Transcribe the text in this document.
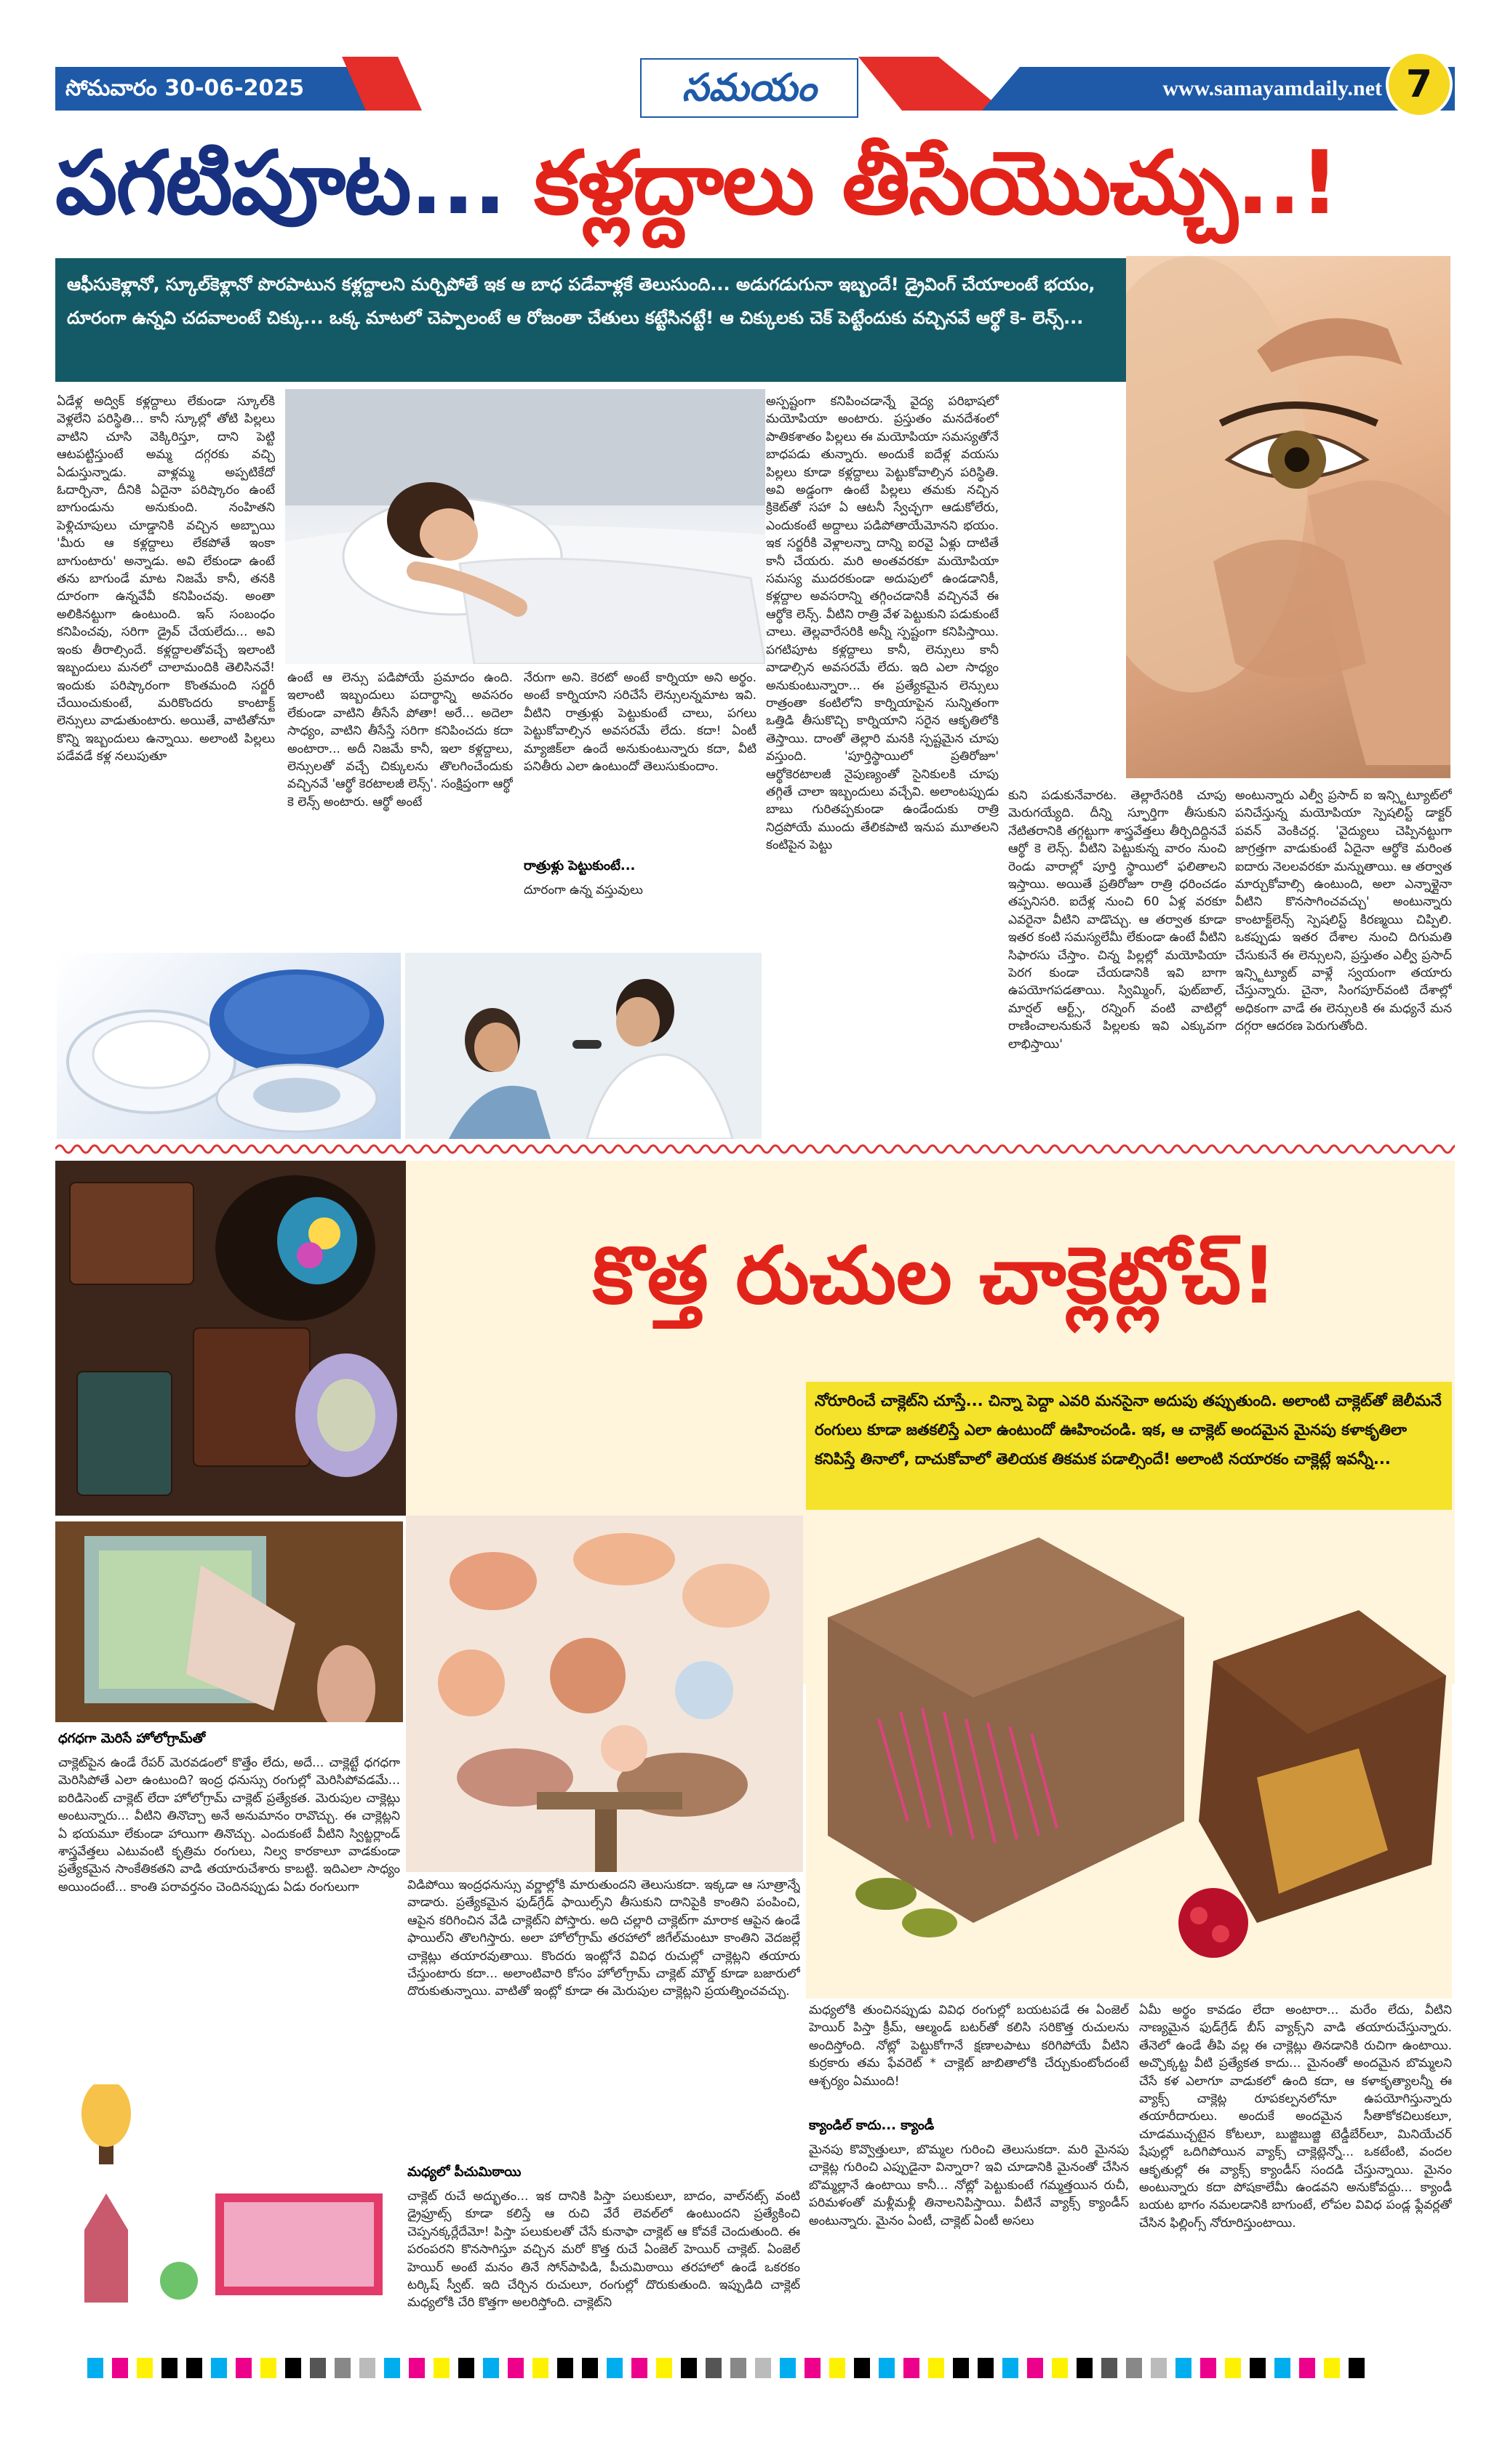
సోమవారం 30-06-2025	సమయం	www.samayamdaily.net 7
పగటిపూట... కళ్లద్దాలు తీసేయొచ్చు..!
ఆఫీసుకెళ్లానో, స్కూల్‌కెళ్లానో పొరపాటున కళ్లద్దాలని మర్చిపోతే ఇక ఆ బాధ పడేవాళ్లకే తెలుసుంది... అడుగడుగునా ఇబ్బందే! డ్రైవింగ్ చేయాలంటే భయం, దూరంగా ఉన్నవి చదవాలంటే చిక్కు... ఒక్క మాటలో చెప్పాలంటే ఆ రోజంతా చేతులు కట్టేసినట్టే! ఆ చిక్కులకు చెక్ పెట్టేందుకు వచ్చినవే ఆర్థో కె- లెన్స్...
ఏడేళ్ల అద్విక్ కళ్లద్దాలు లేకుండా స్కూల్‌కి వెళ్లలేని పరిస్థితి... కానీ స్కూల్లో తోటి పిల్లలు వాటిని చూసి వెక్కిరిస్తూ, దాని పెట్టి ఆటపట్టిస్తుంటే అమ్మ దగ్గరకు వచ్చి ఏడుస్తున్నాడు. వాళ్లమ్మ అప్పటికేదో ఓదార్చినా, దీనికి ఏదైనా పరిష్కారం ఉంటే బాగుండును అనుకుంది. నంహితని పెళ్లిచూపులు చూడ్డానికి వచ్చిన అబ్బాయి 'మీరు ఆ కళ్లద్దాలు లేకపోతే ఇంకా బాగుంటారు' అన్నాడు. అవి లేకుండా ఉంటే తను బాగుండే మాట నిజమే కానీ, తనకి దూరంగా ఉన్నవేవీ కనిపించవు. అంతా అలికినట్టుగా ఉంటుంది. ఇస్ సంబంధం కనిపించవు, సరిగా డ్రైవ్ చేయలేదు... అవి ఇంకు తీరాల్సిందే. కళ్లద్దాలతోవచ్చే ఇలాంటి ఇబ్బందులు మనలో చాలామందికి తెలిసినవే! ఇందుకు పరిష్కారంగా కొంతమంది సర్జరీ చేయించుకుంటే, మరికొందరు కాంటాక్ట్ లెన్సులు వాడుతుంటారు. అయితే, వాటితోనూ కొన్ని ఇబ్బందులు ఉన్నాయి. అలాంటి పిల్లలు పడేవడే కళ్ల నలుపుతూ
ఉంటే ఆ లెన్సు పడిపోయే ప్రమాదం ఉంది. ఇలాంటి ఇబ్బందులు పదార్థాన్ని అవసరం లేకుండా వాటిని తీసేసే పోతా! అరే... అదెలా సాధ్యం, వాటిని తీసేస్తే సరిగా కనిపించదు కదా అంటారా... అదీ నిజమే కానీ, ఇలా కళ్లద్దాలు, లెన్సులతో వచ్చే చిక్కులను తొలగించేందుకు వచ్చినవే 'ఆర్థో కెరటాలజీ లెన్స్'. సంక్షిప్తంగా ఆర్థో కె లెన్స్ అంటారు. ఆర్థో అంటే
నేరుగా అని. కెరటో అంటే కార్నియా అని అర్థం. అంటే కార్నియాని సరిచేసే లెన్సులన్నమాట ఇవి. వీటిని రాత్రుళ్లు పెట్టుకుంటే చాలు, పగలు పెట్టుకోవాల్సిన అవసరమే లేదు. కదా! ఏంటీ మ్యాజిక్‌లా ఉందే అనుకుంటున్నారు కదా, వీటి పనితీరు ఎలా ఉంటుందో తెలుసుకుందాం.
రాత్రుళ్లు పెట్టుకుంటే...
దూరంగా ఉన్న వస్తువులు
అస్పష్టంగా కనిపించడాన్నే వైద్య పరిభాషలో మయోపియా అంటారు. ప్రస్తుతం మనదేశంలో పాతికశాతం పిల్లలు ఈ మయోపియా సమస్యతోనే బాధపడు తున్నారు. అందుకే ఐదేళ్ల వయసు పిల్లలు కూడా కళ్లద్దాలు పెట్టుకోవాల్సిన పరిస్థితి. అవి అడ్డంగా ఉంటే పిల్లలు తమకు నచ్చిన క్రికెట్‌తో సహా ఏ ఆటనీ స్వేచ్ఛగా ఆడుకోలేరు, ఎందుకంటే అద్దాలు పడిపోతాయేమోనని భయం. ఇక సర్జరీకి వెళ్లాలన్నా దాన్ని ఐరవై ఏళ్లు దాటితే కానీ చేయరు. మరి అంతవరకూ మయోపియా సమస్య ముదరకుండా అదుపులో ఉండడానికీ, కళ్లద్దాల అవసరాన్ని తగ్గించడానికీ వచ్చినవే ఈ ఆర్థోకె లెన్స్. వీటిని రాత్రి వేళ పెట్టుకుని పడుకుంటే చాలు. తెల్లవారేసరికి అన్నీ స్పష్టంగా కనిపిస్తాయి. పగటిపూట కళ్లద్దాలు కానీ, లెన్సులు కానీ వాడాల్సిన అవసరమే లేదు. ఇది ఎలా సాధ్యం అనుకుంటున్నారా... ఈ ప్రత్యేకమైన లెన్సులు రాత్రంతా కంటిలోని కార్నియాపైన సున్నితంగా ఒత్తిడి తీసుకొచ్చి కార్నియాని సరైన ఆకృతిలోకి తెస్తాయి. దాంతో తెల్లారి మనకి స్పష్టమైన చూపు వస్తుంది. 'పూర్తిస్థాయిలో ప్రతిరోజూ' ఆర్థోకెరటాలజీ నైపుణ్యంతో సైనికులకి చూపు తగ్గితే చాలా ఇబ్బందులు వచ్చేవి. అలాంటప్పుడు బాబు గురితప్పకుండా ఉండేందుకు రాత్రి నిద్రపోయే ముందు తేలికపాటి ఇనుప మూతలని కంటిపైన పెట్టు
కుని పడుకునేవారట. తెల్లారేసరికి చూపు మెరుగయ్యేది. దీన్ని స్ఫూర్తిగా తీసుకుని నేటితరానికి తగ్గట్టుగా శాస్త్రవేత్తలు తీర్చిదిద్దినవే ఆర్థో కె లెన్స్. వీటిని పెట్టుకున్న వారం నుంచి రెండు వారాల్లో పూర్తి స్థాయిలో ఫలితాలని ఇస్తాయి. అయితే ప్రతిరోజూ రాత్రి ధరించడం తప్పనిసరి. ఐదేళ్ల నుంచి 60 ఏళ్ల వరకూ ఎవరైనా వీటిని వాడొచ్చు. ఆ తర్వాత కూడా ఇతర కంటి సమస్యలేమీ లేకుండా ఉంటే వీటిని సిఫారసు చేస్తాం. చిన్న పిల్లల్లో మయోపియా పెరగ కుండా చేయడానికి ఇవి బాగా ఉపయోగపడతాయి. స్విమ్మింగ్, ఫుట్‌బాల్, మార్షల్ ఆర్ట్స్, రన్నింగ్ వంటి వాటిల్లో రాణించాలనుకునే పిల్లలకు ఇవి ఎక్కువగా లాభిస్తాయి'
అంటున్నారు ఎల్వీ ప్రసాద్ ఐ ఇన్స్టిట్యూట్‌లో పనిచేస్తున్న మయోపియా స్పెషలిస్ట్ డాక్టర్ పవన్ వెంకిచర్ల. 'వైద్యులు చెప్పినట్టుగా జాగ్రత్తగా వాడుకుంటే ఏదైనా ఆర్థోకె మరింత ఐదారు నెలలవరకూ మన్నుతాయి. ఆ తర్వాత మార్చుకోవాల్సి ఉంటుంది, అలా ఎన్నాళ్లైనా వీటిని కొనసాగించవచ్చు' అంటున్నారు కాంటాక్ట్‌లెన్స్ స్పెషలిస్ట్ కిరణ్మయి చిప్పిలి. ఒకప్పుడు ఇతర దేశాల నుంచి దిగుమతి చేసుకునే ఈ లెన్సులని, ప్రస్తుతం ఎల్వీ ప్రసాద్ ఇన్స్టిట్యూట్ వాళ్లే స్వయంగా తయారు చేస్తున్నారు. చైనా, సింగపూర్‌వంటి దేశాల్లో అధికంగా వాడే ఈ లెన్సులకి ఈ మధ్యనే మన దగ్గరా ఆదరణ పెరుగుతోంది.
కొత్త రుచుల చాక్లెట్లోచ్!
నోరూరించే చాక్లెట్‌ని చూస్తే... చిన్నా పెద్దా ఎవరి మనసైనా అదుపు తప్పుతుంది. అలాంటి చాక్లెట్‌తో జెలీమనే రంగులు కూడా జతకలిస్తే ఎలా ఉంటుందో ఊహించండి. ఇక, ఆ చాక్లెట్ అందమైన మైనపు కళాకృతిలా కనిపిస్తే తినాలో, దాచుకోవాలో తెలియక తికమక పడాల్సిందే! అలాంటి నయారకం చాక్లెట్లే ఇవన్నీ...
ధగధగా మెరిసే హోలోగ్రామ్‌తో
చాక్లెట్‌పైన ఉండే రేపర్ మెరవడంలో కొత్తేం లేదు, అదే... చాక్లెట్టే ధగధగా మెరిసిపోతే ఎలా ఉంటుంది? ఇంద్ర ధనుస్సు రంగుల్లో మెరిసిపోవడమే... ఐరిడిసెంట్ చాక్లెట్ లేదా హోలోగ్రామ్ చాక్లెట్ ప్రత్యేకత. మెరుపుల చాక్లెట్లు అంటున్నారు... వీటిని తినొచ్చా అనే అనుమానం రావొచ్చు. ఈ చాక్లెట్లని ఏ భయమూ లేకుండా హాయిగా తినొచ్చు. ఎందుకంటే వీటిని స్విట్జర్లాండ్ శాస్త్రవేత్తలు ఎటువంటి కృత్రిమ రంగులు, నిల్వ కారకాలూ వాడకుండా ప్రత్యేకమైన సాంకేతికతని వాడి తయారుచేశారు కాబట్టి. ఇదిఎలా సాధ్యం అయిందంటే... కాంతి పరావర్తనం చెందినప్పుడు ఏడు రంగులుగా	విడిపోయి ఇంద్రధనుస్సు వర్ణాల్లోకి మారుతుందని తెలుసుకదా. ఇక్కడా ఆ సూత్రాన్నే వాడారు. ప్రత్యేకమైన ఫుడ్‌గ్రేడ్ ఫాయిల్స్‌ని తీసుకుని దానిపైకి కాంతిని పంపించి, ఆపైన కరిగించిన వేడి చాక్లెట్‌ని పోస్తారు. అది చల్లారి చాక్లెట్‌గా మారాక ఆపైన ఉండే ఫాయిల్‌ని తొలగిస్తారు. అలా హోలోగ్రామ్ తరహాలో జిగేల్‌మంటూ కాంతిని వెదజల్లే చాక్లెట్లు తయారవుతాయి. కొందరు ఇంట్లోనే వివిధ రుచుల్లో చాక్లెట్లని తయారు చేస్తుంటారు కదా... అలాంటివారి కోసం హోలోగ్రామ్ చాక్లెట్ మౌల్డ్ కూడా బజారులో దొరుకుతున్నాయి. వాటితో ఇంట్లో కూడా ఈ మెరుపుల చాక్లెట్లని ప్రయత్నించవచ్చు.
మధ్యలో పీచుమిఠాయి
చాక్లెట్ రుచే అద్భుతం... ఇక దానికి పిస్తా పలుకులూ, బాదం, వాల్‌నట్స్ వంటి డ్రైఫ్రూట్స్ కూడా కలిస్తే ఆ రుచి వేరే లెవల్‌లో ఉంటుందని ప్రత్యేకించి చెప్పనక్కర్లేదేమో! పిస్తా పలుకులతో చేసే కునాఫా చాక్లెట్ ఆ కోవకే చెందుతుంది. ఈ పరంపరని కొనసాగిస్తూ వచ్చిన మరో కొత్త రుచే ఏంజెల్ హెయిర్ చాక్లెట్. ఏంజెల్ హెయిర్ అంటే మనం తినే సోన్‌పాపిడి, పీచుమిఠాయి తరహాలో ఉండే ఒకరకం టర్కిష్ స్వీట్. ఇది చేర్చిన రుచులూ, రంగుల్లో దొరుకుతుంది. ఇప్పుడిది చాక్లెట్ మధ్యలోకి చేరి కొత్తగా అలరిస్తోంది. చాక్లెట్‌ని
మధ్యలోకి తుంచినప్పుడు వివిధ రంగుల్లో బయటపడే ఈ ఏంజెల్ హెయిర్ పిస్తా క్రీమ్, ఆల్మండ్ బటర్‌తో కలిసి సరికొత్త రుచులను అందిస్తోంది. నోట్లో పెట్టుకోగానే క్షణాలపాటు కరిగిపోయే వీటిని కుర్రకారు తమ ఫేవరెట్ * చాక్లెట్ జాబితాలోకి చేర్చుకుంటోందంటే ఆశ్చర్యం ఏముంది!
క్యాండిల్ కాదు... క్యాండీ
మైనపు కొవ్వొత్తులూ, బొమ్మల గురించి తెలుసుకదా. మరి మైనపు చాక్లెట్ల గురించి ఎప్పుడైనా విన్నారా? ఇవి చూడానికి మైనంతో చేసిన బొమ్మల్లానే ఉంటాయి కానీ... నోట్లో పెట్టుకుంటే గమ్మత్తయిన రుచీ, పరిమళంతో మళ్లీమళ్లీ తినాలనిపిస్తాయి. వీటినే వ్యాక్స్ క్యాండీస్ అంటున్నారు. మైనం ఏంటీ, చాక్లెట్ ఏంటీ అసలు
ఏమీ అర్థం కావడం లేదా అంటారా... మరేం లేదు, వీటిని నాణ్యమైన ఫుడ్‌గ్రేడ్ బీస్ వ్యాక్స్‌ని వాడి తయారుచేస్తున్నారు. తేనెలో ఉండే తీపి వల్ల ఈ చాక్లెట్లు తినడానికి రుచిగా ఉంటాయి. అచ్చొక్కట్ట వీటి ప్రత్యేకత కాదు... మైనంతో అందమైన బొమ్మలని చేసే కళ ఎలాగూ వాడుకలో ఉంది కదా, ఆ కళాకృత్యాలన్నీ ఈ వ్యాక్స్ చాక్లెట్ల రూపకల్పనలోనూ ఉపయోగిస్తున్నారు తయారీదారులు. అందుకే అందమైన సీతాకోకచిలుకలూ, చూడముచ్చటైన కోటలూ, బుజ్జిబుజ్జి టెడ్డీబేర్‌లూ, మినియేచర్ షేపుల్లో ఒదిగిపోయిన వ్యాక్స్ చాక్లెట్లెన్నో... ఒకటేంటి, వందల ఆకృతుల్లో ఈ వ్యాక్స్ క్యాండీస్ సందడి చేస్తున్నాయి. మైనం అంటున్నారు కదా పోషకాలేమీ ఉండవని అనుకోవద్దు... క్యాండీ బయట భాగం నమలడానికి బాగుంటే, లోపల వివిధ పండ్ల ఫ్లేవర్లతో చేసిన ఫిల్లింగ్స్ నోరూరిస్తుంటాయి.
